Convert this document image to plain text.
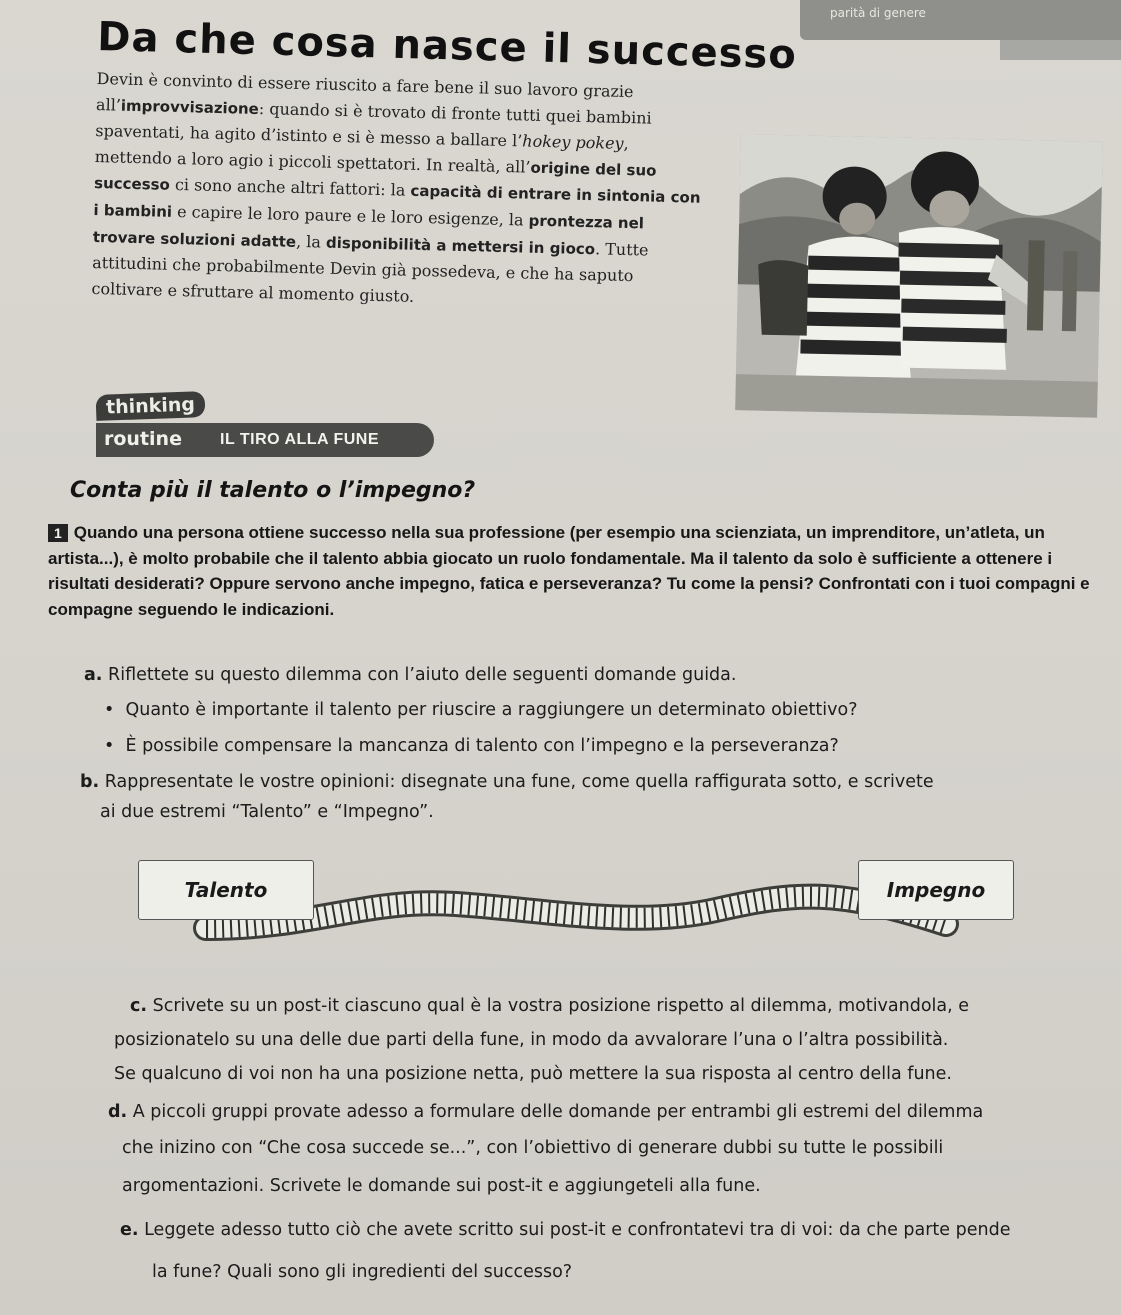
parità di genere
Da che cosa nasce il successo

Devin è convinto di essere riuscito a fare bene il suo lavoro grazie all’improvvisazione: quando si è trovato di fronte tutti quei bambini spaventati, ha agito d’istinto e si è messo a ballare l’hokey pokey, mettendo a loro agio i piccoli spettatori. In realtà, all’origine del suo successo ci sono anche altri fattori: la capacità di entrare in sintonia con i bambini e capire le loro paure e le loro esigenze, la prontezza nel trovare soluzioni adatte, la disponibilità a mettersi in gioco. Tutte attitudini che probabilmente Devin già possedeva, e che ha saputo coltivare e sfruttare al momento giusto.

thinking
routine IL TIRO ALLA FUNE
Conta più il talento o l’impegno?

1 Quando una persona ottiene successo nella sua professione (per esempio una scienziata, un imprenditore, un’atleta, un artista...), è molto probabile che il talento abbia giocato un ruolo fondamentale. Ma il talento da solo è sufficiente a ottenere i risultati desiderati? Oppure servono anche impegno, fatica e perseveranza? Tu come la pensi? Confrontati con i tuoi compagni e compagne seguendo le indicazioni.

a. Riflettete su questo dilemma con l’aiuto delle seguenti domande guida.

•  Quanto è importante il talento per riuscire a raggiungere un determinato obiettivo?

•  È possibile compensare la mancanza di talento con l’impegno e la perseveranza?

b. Rappresentate le vostre opinioni: disegnate una fune, come quella raffigurata sotto, e scrivete

ai due estremi “Talento” e “Impegno”.

Talento	Impegno

c. Scrivete su un post-it ciascuno qual è la vostra posizione rispetto al dilemma, motivandola, e

posizionatelo su una delle due parti della fune, in modo da avvalorare l’una o l’altra possibilità.

Se qualcuno di voi non ha una posizione netta, può mettere la sua risposta al centro della fune.

d. A piccoli gruppi provate adesso a formulare delle domande per entrambi gli estremi del dilemma

che inizino con “Che cosa succede se...”, con l’obiettivo di generare dubbi su tutte le possibili

argomentazioni. Scrivete le domande sui post-it e aggiungeteli alla fune.

e. Leggete adesso tutto ciò che avete scritto sui post-it e confrontatevi tra di voi: da che parte pende

la fune? Quali sono gli ingredienti del successo?
